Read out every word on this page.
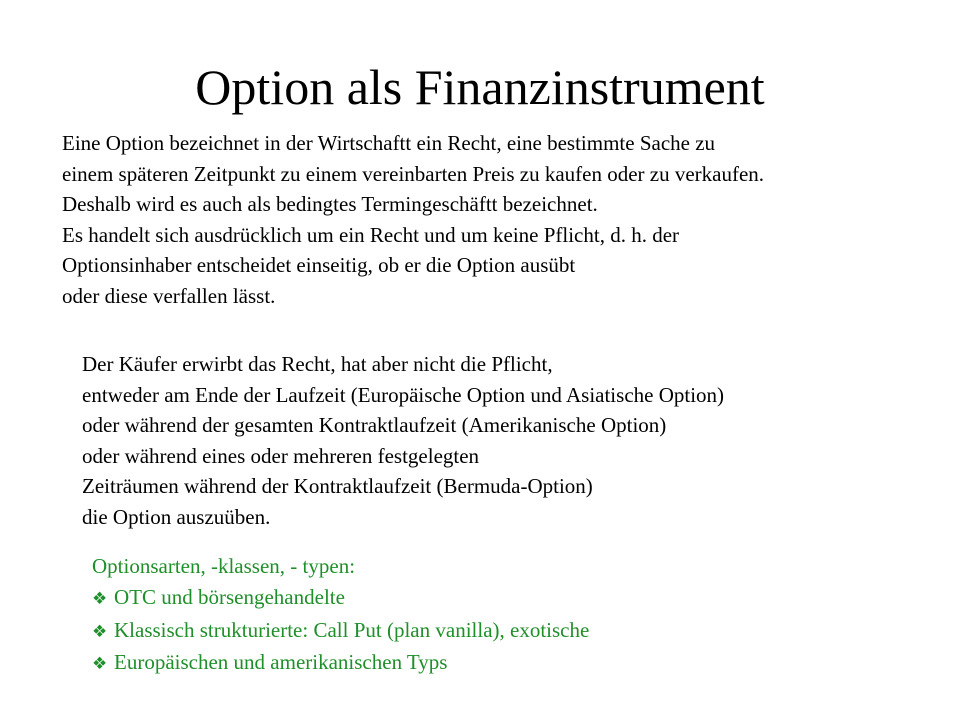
Option als Finanzinstrument
Eine Option bezeichnet in der Wirtschaftt ein Recht, eine bestimmte Sache zu
einem späteren Zeitpunkt zu einem vereinbarten Preis zu kaufen oder zu verkaufen.
Deshalb wird es auch als bedingtes Termingeschäftt bezeichnet.
Es handelt sich ausdrücklich um ein Recht und um keine Pflicht, d. h. der
Optionsinhaber entscheidet einseitig, ob er die Option ausübt
oder diese verfallen lässt.
Der Käufer erwirbt das Recht, hat aber nicht die Pflicht,
entweder am Ende der Laufzeit (Europäische Option und Asiatische Option)
oder während der gesamten Kontraktlaufzeit (Amerikanische Option)
oder während eines oder mehreren festgelegten
Zeiträumen während der Kontraktlaufzeit (Bermuda-Option)
die Option auszuüben.
Optionsarten, -klassen, - typen:
❖ OTC und börsengehandelte
❖ Klassisch strukturierte: Call Put (plan vanilla), exotische
❖ Europäischen und amerikanischen Typs
